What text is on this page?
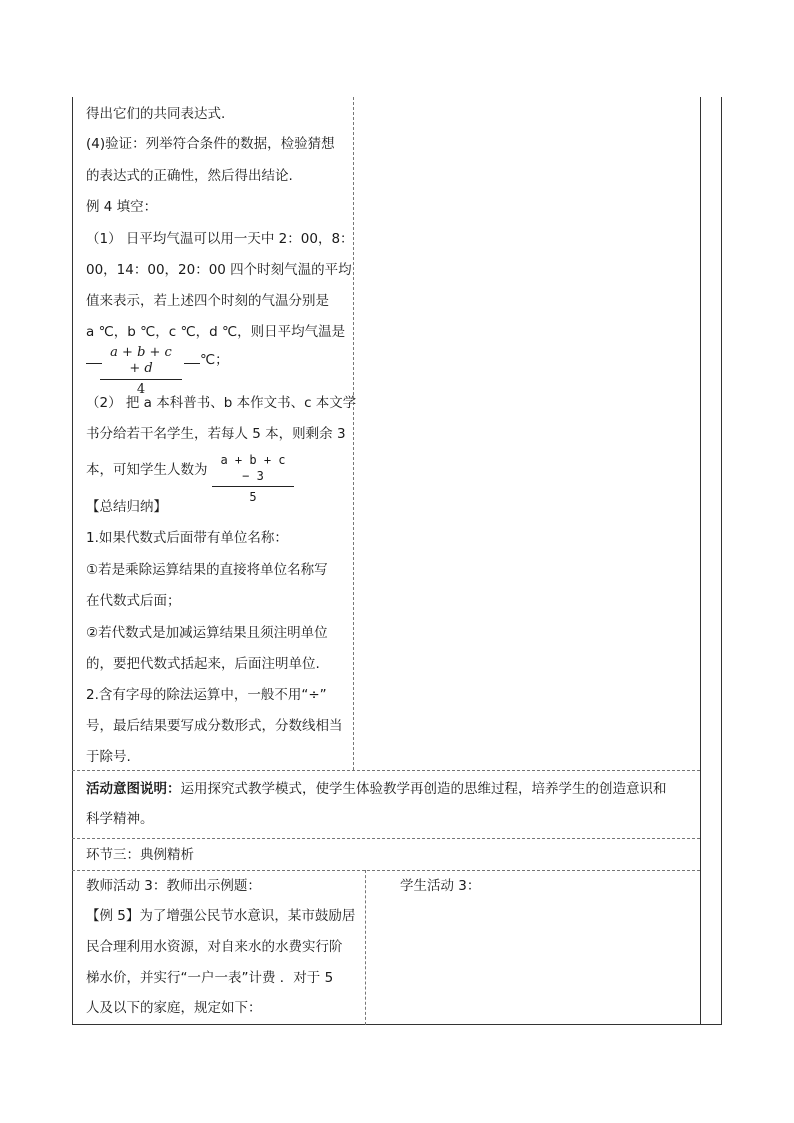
得出它们的共同表达式.
(4)验证：列举符合条件的数据，检验猜想
的表达式的正确性，然后得出结论.
例 4 填空：
（1） 日平均气温可以用一天中 2：00，8：
00，14：00，20：00 四个时刻气温的平均
值来表示，若上述四个时刻的气温分别是
a ℃，b ℃，c ℃，d ℃，则日平均气温是
a + b + c + d
4
℃；
（2） 把 a 本科普书、b 本作文书、c 本文学
书分给若干名学生，若每人 5 本，则剩余 3
本，可知学生人数为
a + b + c − 3
5
【总结归纳】
1.如果代数式后面带有单位名称：
①若是乘除运算结果的直接将单位名称写
在代数式后面；
②若代数式是加减运算结果且须注明单位
的，要把代数式括起来，后面注明单位.
2.含有字母的除法运算中，一般不用“÷”
号，最后结果要写成分数形式，分数线相当
于除号.
活动意图说明：运用探究式教学模式，使学生体验教学再创造的思维过程，培养学生的创造意识和
科学精神。
环节三：典例精析
教师活动 3：教师出示例题：
【例 5】为了增强公民节水意识，某市鼓励居
民合理利用水资源，对自来水的水费实行阶
梯水价，并实行“一户一表”计费 ．对于 5
人及以下的家庭，规定如下：
学生活动 3：
